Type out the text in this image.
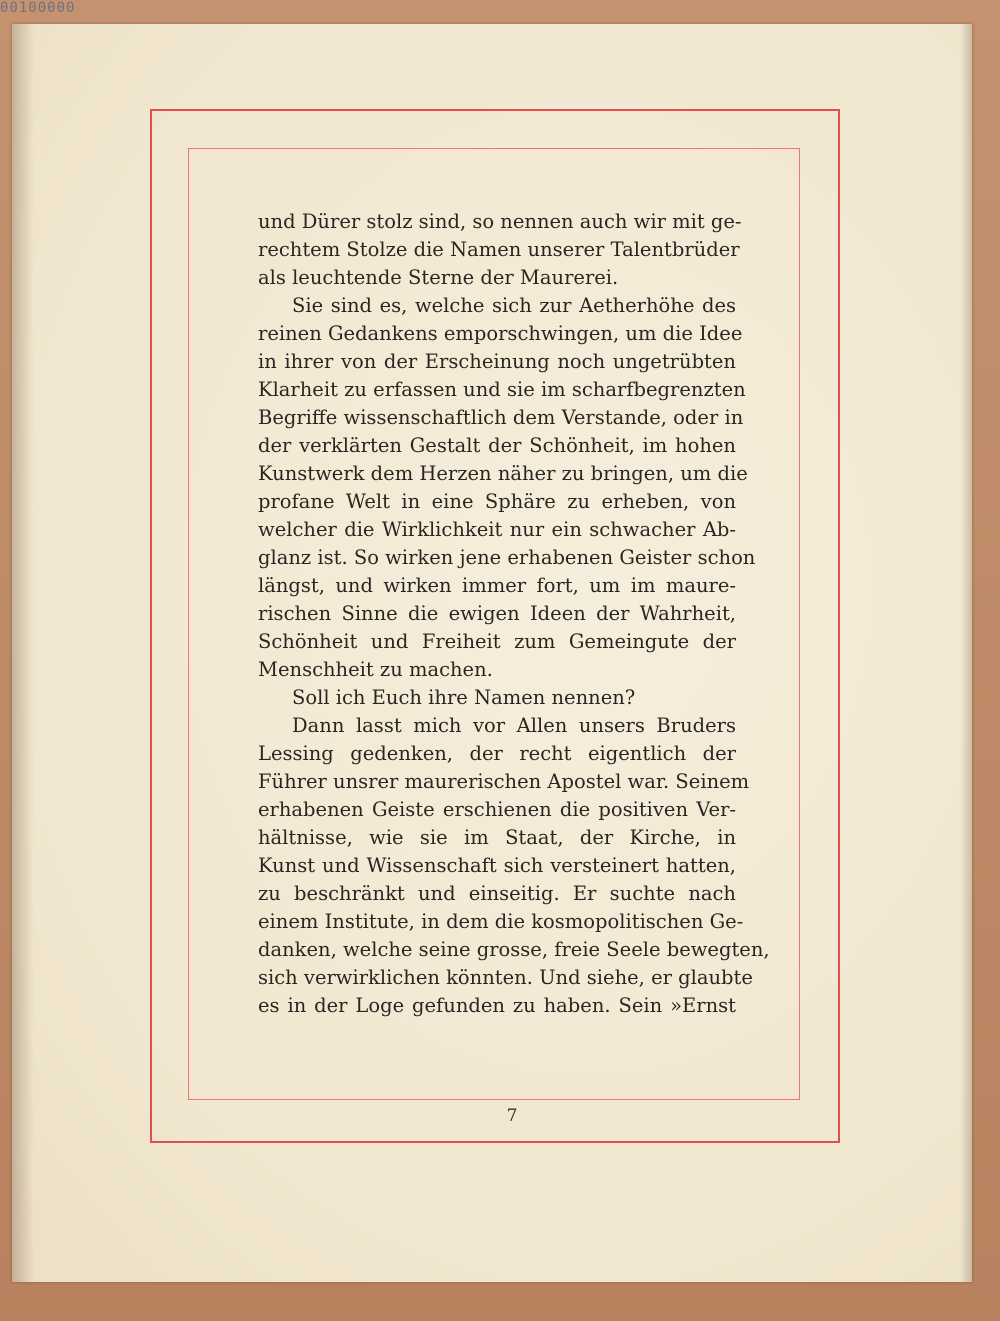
00100000
und Dürer stolz sind, so nennen auch wir mit ge-
rechtem Stolze die Namen unserer Talentbrüder
als leuchtende Sterne der Maurerei.
Sie sind es, welche sich zur Aetherhöhe des
reinen Gedankens emporschwingen, um die Idee
in ihrer von der Erscheinung noch ungetrübten
Klarheit zu erfassen und sie im scharfbegrenzten
Begriffe wissenschaftlich dem Verstande, oder in
der verklärten Gestalt der Schönheit, im hohen
Kunstwerk dem Herzen näher zu bringen, um die
profane Welt in eine Sphäre zu erheben, von
welcher die Wirklichkeit nur ein schwacher Ab-
glanz ist. So wirken jene erhabenen Geister schon
längst, und wirken immer fort, um im maure-
rischen Sinne die ewigen Ideen der Wahrheit,
Schönheit und Freiheit zum Gemeingute der
Menschheit zu machen.
Soll ich Euch ihre Namen nennen?
Dann lasst mich vor Allen unsers Bruders
Lessing gedenken, der recht eigentlich der
Führer unsrer maurerischen Apostel war. Seinem
erhabenen Geiste erschienen die positiven Ver-
hältnisse, wie sie im Staat, der Kirche, in
Kunst und Wissenschaft sich versteinert hatten,
zu beschränkt und einseitig. Er suchte nach
einem Institute, in dem die kosmopolitischen Ge-
danken, welche seine grosse, freie Seele bewegten,
sich verwirklichen könnten. Und siehe, er glaubte
es in der Loge gefunden zu haben. Sein »Ernst
7
